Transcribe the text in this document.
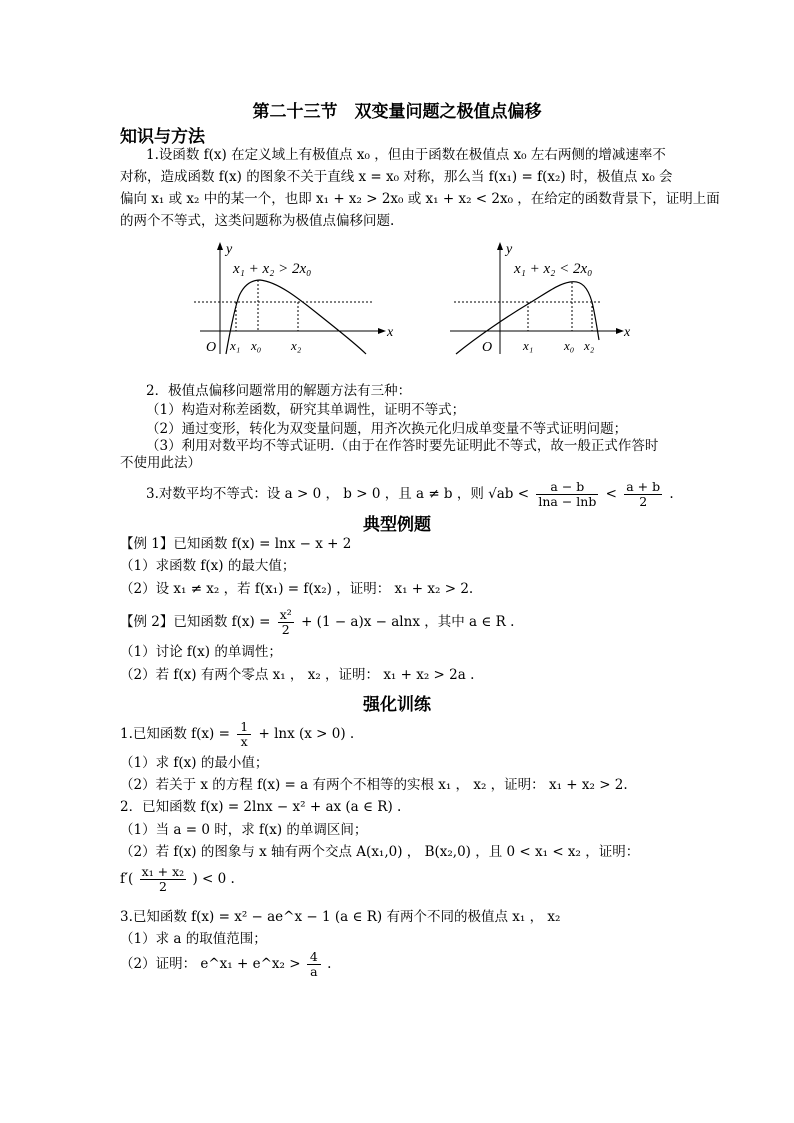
第二十三节　双变量问题之极值点偏移
知识与方法
1.设函数 f(x) 在定义域上有极值点 x₀ ，但由于函数在极值点 x₀ 左右两侧的增减速率不
对称，造成函数 f(x) 的图象不关于直线 x = x₀ 对称，那么当 f(x₁) = f(x₂) 时，极值点 x₀ 会
偏向 x₁ 或 x₂ 中的某一个，也即 x₁ + x₂ > 2x₀ 或 x₁ + x₂ < 2x₀ ，在给定的函数背景下，证明上面
的两个不等式，这类问题称为极值点偏移问题.
y
x
x₁ + x₂ > 2x₀
O x₁ x₀ x₂
y
x
x₁ + x₂ < 2x₀
O x₁ x₀ x₂
2．极值点偏移问题常用的解题方法有三种：
（1）构造对称差函数，研究其单调性，证明不等式；
（2）通过变形，转化为双变量问题，用齐次换元化归成单变量不等式证明问题；
（3）利用对数平均不等式证明.（由于在作答时要先证明此不等式，故一般正式作答时
不使用此法）
3.对数平均不等式：设 a > 0 ， b > 0 ，且 a ≠ b ，则 $√ab < \frac{a - b}{\ln a - \ln b} < \frac{a + b}{2}$ .
典型例题
【例 1】已知函数 f(x) = lnx − x + 2
（1）求函数 f(x) 的最大值；
（2）设 x₁ ≠ x₂ ，若 f(x₁) = f(x₂) ，证明： x₁ + x₂ > 2.
【例 2】已知函数 $f(x) = \frac{\text{x²}}{2} + (1 - a)x - alnx$ ，其中 a ∈ R .
（1）讨论 f(x) 的单调性；
（2）若 f(x) 有两个零点 x₁ ， x₂ ，证明： x₁ + x₂ > 2a .
强化训练
1.已知函数 $f(x) = \frac{1}{x} + \ln x$ (x > 0) .
（1）求 f(x) 的最小值；
（2）若关于 x 的方程 f(x) = a 有两个不相等的实根 x₁ ， x₂ ，证明： x₁ + x₂ > 2.
2．已知函数 f(x) = 2lnx − x² + ax (a ∈ R) .
（1）当 a = 0 时，求 f(x) 的单调区间；
（2）若 f(x) 的图象与 x 轴有两个交点 A(x₁,0) ， B(x₂,0) ，且 0 < x₁ < x₂ ，证明：
$f'( \frac{\text{x₁ + x₂}}{2}$ ) < 0 .
3.已知函数 f(x) = x² − ae^x − 1 (a ∈ R) 有两个不同的极值点 x₁ ， x₂
（1）求 a 的取值范围；
（2）证明： e^x₁ + e^x₂ > $\frac{4}{a}$ .
